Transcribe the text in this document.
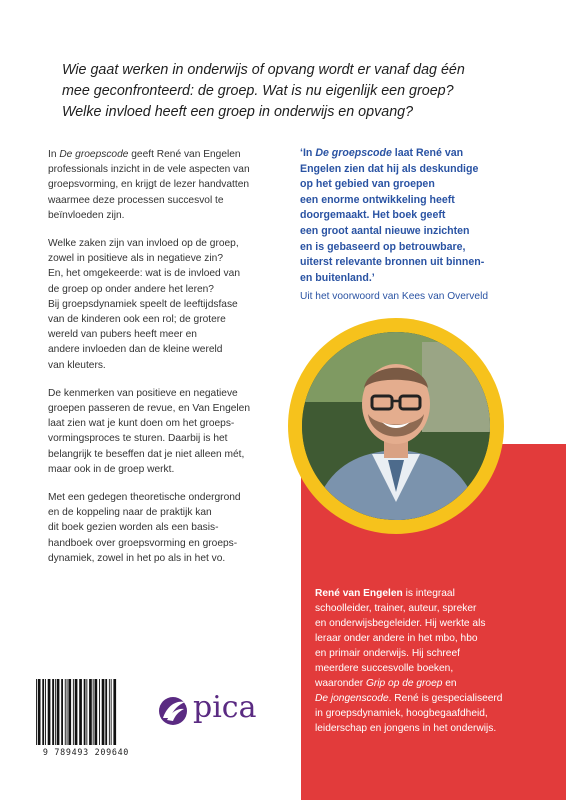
Wie gaat werken in onderwijs of opvang wordt er vanaf dag één

mee geconfronteerd: de groep. Wat is nu eigenlijk een groep?

Welke invloed heeft een groep in onderwijs en opvang?

In De groepscode geeft René van Engelen
professionals inzicht in de vele aspecten van
groepsvorming, en krijgt de lezer handvatten
waarmee deze processen succesvol te
beïnvloeden zijn.

Welke zaken zijn van invloed op de groep,
zowel in positieve als in negatieve zin?
En, het omgekeerde: wat is de invloed van
de groep op onder andere het leren?
Bij groepsdynamiek speelt de leeftijdsfase
van de kinderen ook een rol; de grotere
wereld van pubers heeft meer en
andere invloeden dan de kleine wereld
van kleuters.

De kenmerken van positieve en negatieve
groepen passeren de revue, en Van Engelen
laat zien wat je kunt doen om het groeps-
vormingsproces te sturen. Daarbij is het
belangrijk te beseffen dat je niet alleen mét,
maar ook in de groep werkt.

Met een gedegen theoretische ondergrond
en de koppeling naar de praktijk kan
dit boek gezien worden als een basis-
handboek over groepsvorming en groeps-
dynamiek, zowel in het po als in het vo.

‘In De groepscode laat René van
Engelen zien dat hij als deskundige
op het gebied van groepen
een enorme ontwikkeling heeft
doorgemaakt. Het boek geeft
een groot aantal nieuwe inzichten
en is gebaseerd op betrouwbare,
uiterst relevante bronnen uit binnen-
en buitenland.’
Uit het voorwoord van Kees van Overveld
René van Engelen is integraal
schoolleider, trainer, auteur, spreker
en onderwijsbegeleider. Hij werkte als
leraar onder andere in het mbo, hbo
en primair onderwijs. Hij schreef
meerdere succesvolle boeken,
waaronder Grip op de groep en
De jongenscode. René is gespecialiseerd
in groepsdynamiek, hoogbegaafdheid,
leiderschap en jongens in het onderwijs.
9 789493 209640
pica
